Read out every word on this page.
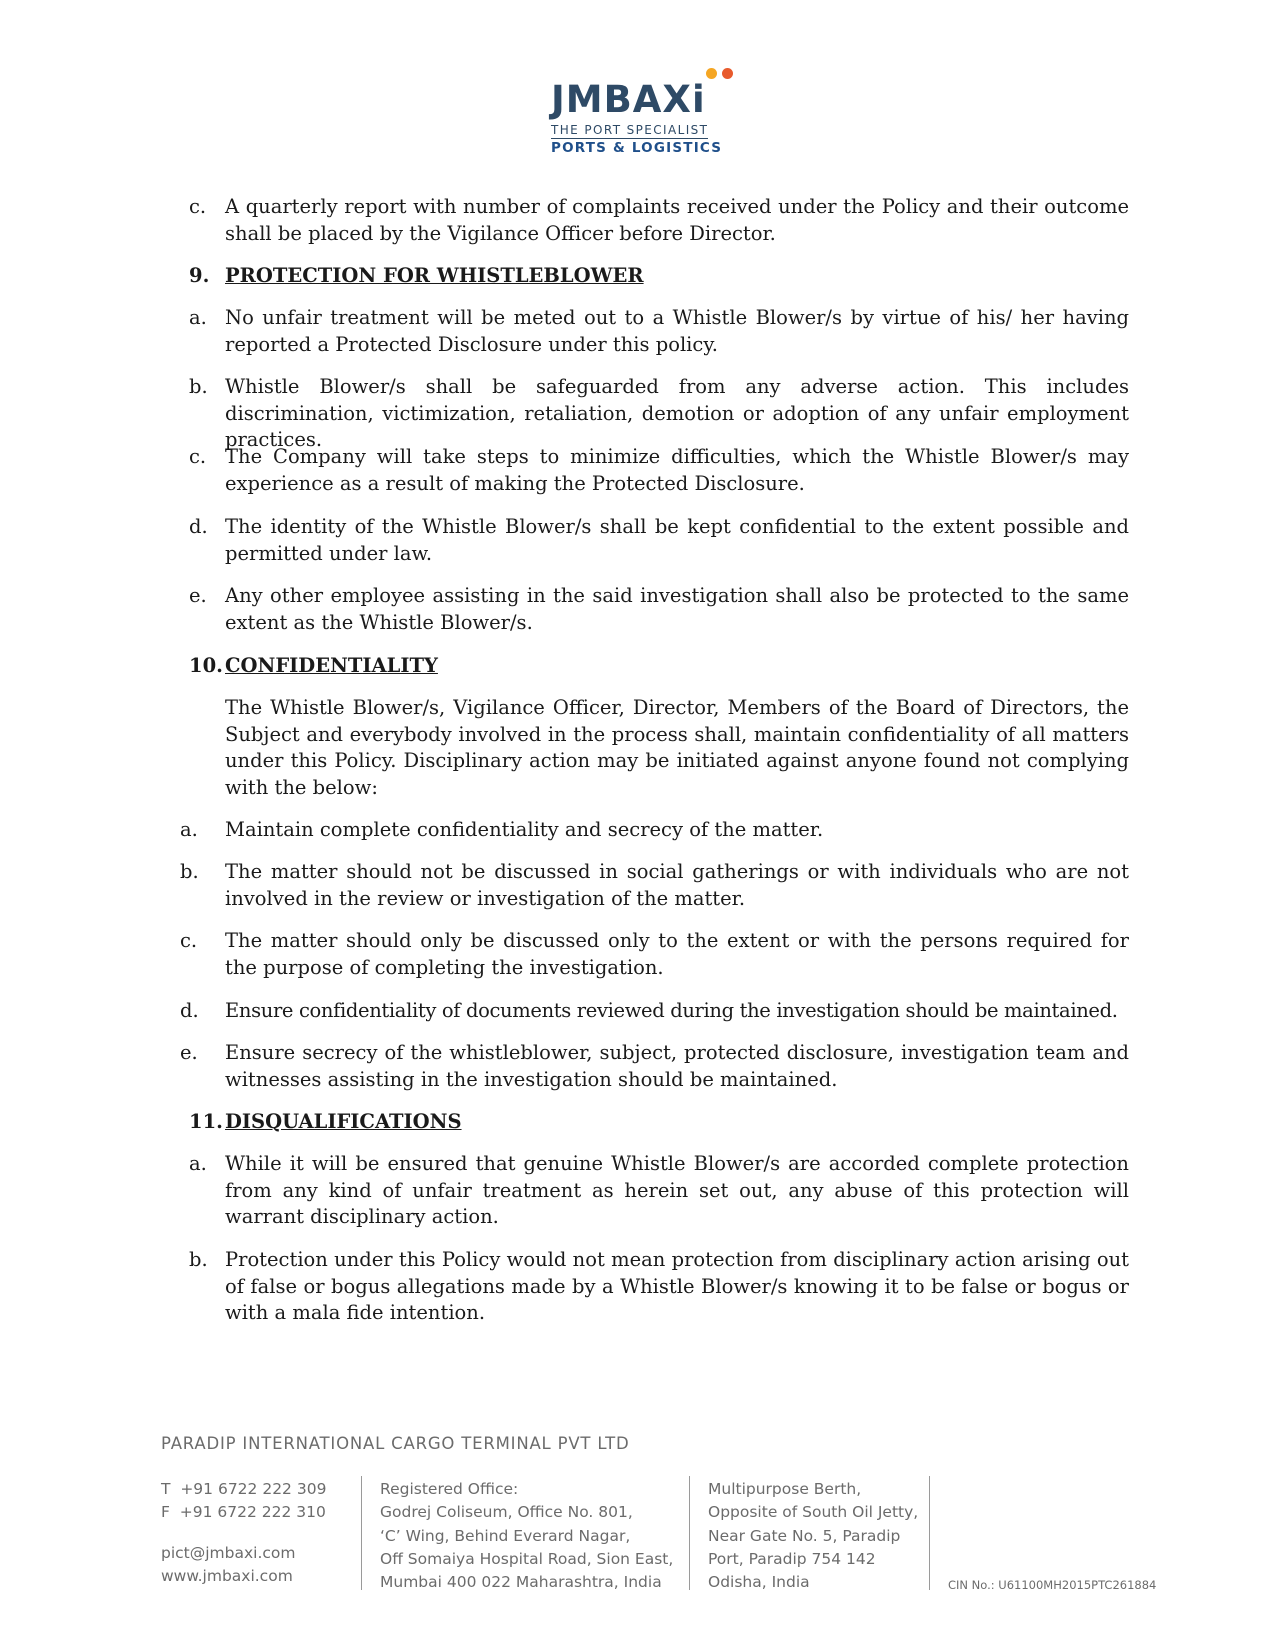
JMBAXi
THE PORT SPECIALIST
PORTS & LOGISTICS
c. A quarterly report with number of complaints received under the Policy and their outcome shall be placed by the Vigilance Officer before Director.
9. PROTECTION FOR WHISTLEBLOWER
a. No unfair treatment will be meted out to a Whistle Blower/s by virtue of his/ her having reported a Protected Disclosure under this policy.
b. Whistle Blower/s shall be safeguarded from any adverse action. This includes discrimination, victimization, retaliation, demotion or adoption of any unfair employment practices.
c. The Company will take steps to minimize difficulties, which the Whistle Blower/s may experience as a result of making the Protected Disclosure.
d. The identity of the Whistle Blower/s shall be kept confidential to the extent possible and permitted under law.
e. Any other employee assisting in the said investigation shall also be protected to the same extent as the Whistle Blower/s.
10. CONFIDENTIALITY
The Whistle Blower/s, Vigilance Officer, Director, Members of the Board of Directors, the Subject and everybody involved in the process shall, maintain confidentiality of all matters under this Policy. Disciplinary action may be initiated against anyone found not complying with the below:
a. Maintain complete confidentiality and secrecy of the matter.
b. The matter should not be discussed in social gatherings or with individuals who are not involved in the review or investigation of the matter.
c. The matter should only be discussed only to the extent or with the persons required for the purpose of completing the investigation.
d. Ensure confidentiality of documents reviewed during the investigation should be maintained.
e. Ensure secrecy of the whistleblower, subject, protected disclosure, investigation team and witnesses assisting in the investigation should be maintained.
11. DISQUALIFICATIONS
a. While it will be ensured that genuine Whistle Blower/s are accorded complete protection from any kind of unfair treatment as herein set out, any abuse of this protection will warrant disciplinary action.
b. Protection under this Policy would not mean protection from disciplinary action arising out of false or bogus allegations made by a Whistle Blower/s knowing it to be false or bogus or with a mala fide intention.
PARADIP INTERNATIONAL CARGO TERMINAL PVT LTD
T  +91 6722 222 309
F  +91 6722 222 310
pict@jmbaxi.com
www.jmbaxi.com
Registered Office:
Godrej Coliseum, Office No. 801,
‘C’ Wing, Behind Everard Nagar,
Off Somaiya Hospital Road, Sion East,
Mumbai 400 022 Maharashtra, India
Multipurpose Berth,
Opposite of South Oil Jetty,
Near Gate No. 5, Paradip
Port, Paradip 754 142
Odisha, India	CIN No.: U61100MH2015PTC261884
